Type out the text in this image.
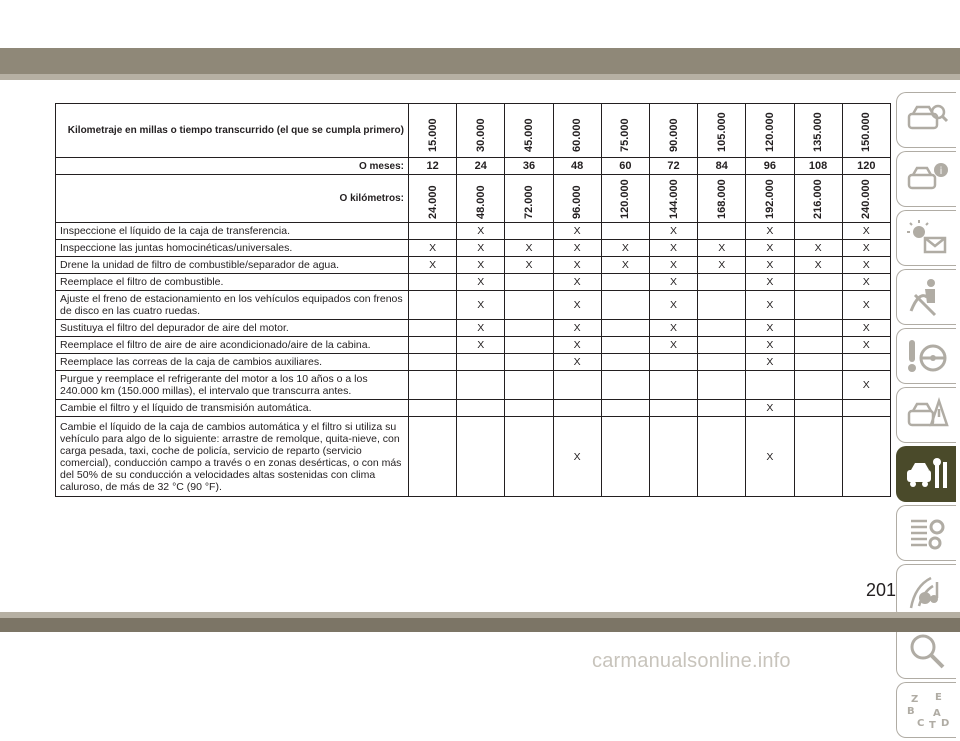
Kilometraje en millas o tiempo transcurrido (el que se cumpla primero)	15.000	30.000	45.000	60.000	75.000	90.000	105.000	120.000	135.000	150.000

O meses:	12	24	36	48	60	72	84	96	108	120
O kilómetros:	24.000	48.000	72.000	96.000	120.000	144.000	168.000	192.000	216.000	240.000

Inspeccione el líquido de la caja de transferencia.		X		X		X		X		X
Inspeccione las juntas homocinéticas/universales.	X	X	X	X	X	X	X	X	X	X
Drene la unidad de filtro de combustible/separador de agua.	X	X	X	X	X	X	X	X	X	X
Reemplace el filtro de combustible.		X		X		X		X		X
Ajuste el freno de estacionamiento en los vehículos equipados con frenos de disco en las cuatro ruedas.		X		X		X		X		X
Sustituya el filtro del depurador de aire del motor.		X		X		X		X		X
Reemplace el filtro de aire de aire acondicionado/aire de la cabina.		X		X		X		X		X
Reemplace las correas de la caja de cambios auxiliares.				X				X		
Purgue y reemplace el refrigerante del motor a los 10 años o a los 240.000 km (150.000 millas), el intervalo que transcurra antes.										X
Cambie el filtro y el líquido de transmisión automática.								X		
Cambie el líquido de la caja de cambios automática y el filtro si utiliza su vehículo para algo de lo siguiente: arrastre de remolque, quita-nieve, con carga pesada, taxi, coche de policía, servicio de reparto (servicio comercial), conducción campo a través o en zonas desérticas, o con más del 50% de su conducción a velocidades altas sostenidas con clima caluroso, de más de 32 °C (90 °F).				X				X		
i
Z E
B A
C T D
201
carmanualsonline.info
